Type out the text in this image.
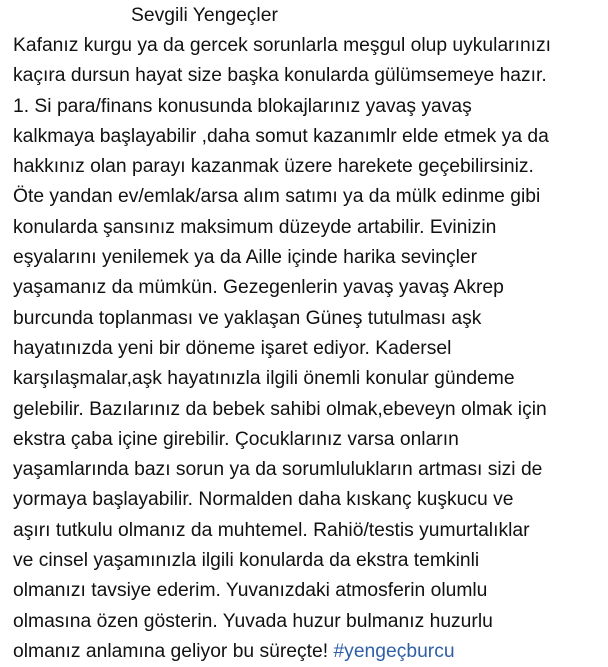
Sevgili Yengeçler
Kafanız kurgu ya da gercek sorunlarla meşgul olup uykularınızı
kaçıra dursun hayat size başka konularda gülümsemeye hazır.
1. Si para/finans konusunda blokajlarınız yavaş yavaş
kalkmaya başlayabilir ,daha somut kazanımlr elde etmek ya da
hakkınız olan parayı kazanmak üzere harekete geçebilirsiniz.
Öte yandan ev/emlak/arsa alım satımı ya da mülk edinme gibi
konularda şansınız maksimum düzeyde artabilir. Evinizin
eşyalarını yenilemek ya da Aille içinde harika sevinçler
yaşamanız da mümkün. Gezegenlerin yavaş yavaş Akrep
burcunda toplanması ve yaklaşan Güneş tutulması aşk
hayatınızda yeni bir döneme işaret ediyor. Kadersel
karşılaşmalar,aşk hayatınızla ilgili önemli konular gündeme
gelebilir. Bazılarınız da bebek sahibi olmak,ebeveyn olmak için
ekstra çaba içine girebilir. Çocuklarınız varsa onların
yaşamlarında bazı sorun ya da sorumlulukların artması sizi de
yormaya başlayabilir. Normalden daha kıskanç kuşkucu ve
aşırı tutkulu olmanız da muhtemel. Rahiö/testis yumurtalıklar
ve cinsel yaşamınızla ilgili konularda da ekstra temkinli
olmanızı tavsiye ederim. Yuvanızdaki atmosferin olumlu
olmasına özen gösterin. Yuvada huzur bulmanız huzurlu
olmanız anlamına geliyor bu süreçte! #yengeçburcu
